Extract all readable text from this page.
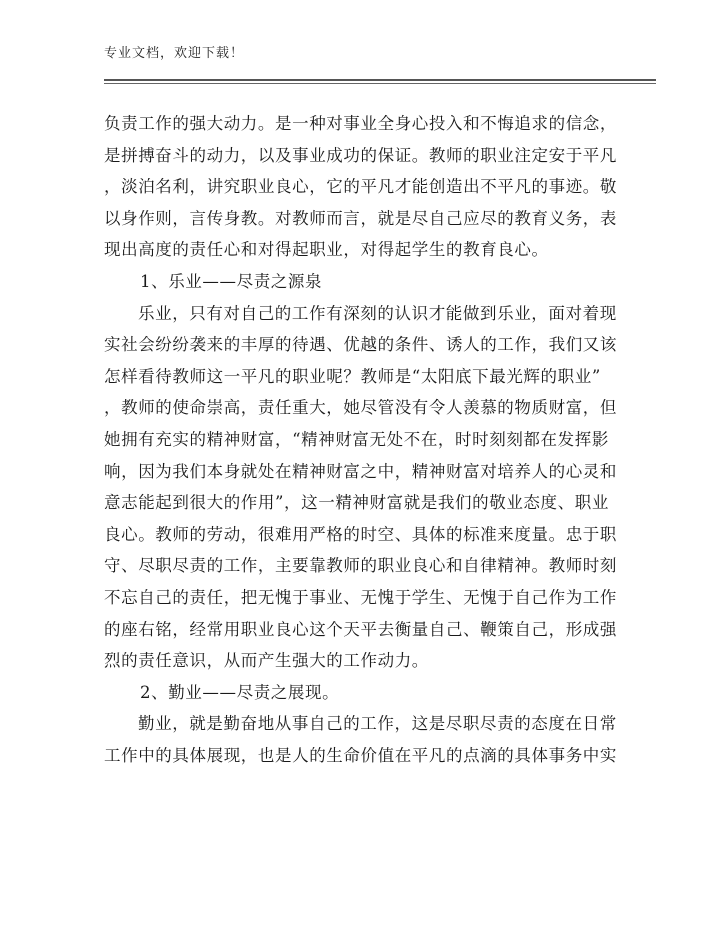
专业文档，欢迎下载！
负责工作的强大动力。是一种对事业全身心投入和不悔追求的信念，
是拼搏奋斗的动力，以及事业成功的保证。教师的职业注定安于平凡
，淡泊名利，讲究职业良心，它的平凡才能创造出不平凡的事迹。敬
以身作则，言传身教。对教师而言，就是尽自己应尽的教育义务，表
现出高度的责任心和对得起职业，对得起学生的教育良心。
1、乐业——尽责之源泉
乐业，只有对自己的工作有深刻的认识才能做到乐业，面对着现
实社会纷纷袭来的丰厚的待遇、优越的条件、诱人的工作，我们又该
怎样看待教师这一平凡的职业呢？教师是“太阳底下最光辉的职业”
，教师的使命崇高，责任重大，她尽管没有令人羡慕的物质财富，但
她拥有充实的精神财富，“精神财富无处不在，时时刻刻都在发挥影
响，因为我们本身就处在精神财富之中，精神财富对培养人的心灵和
意志能起到很大的作用”，这一精神财富就是我们的敬业态度、职业
良心。教师的劳动，很难用严格的时空、具体的标准来度量。忠于职
守、尽职尽责的工作，主要靠教师的职业良心和自律精神。教师时刻
不忘自己的责任，把无愧于事业、无愧于学生、无愧于自己作为工作
的座右铭，经常用职业良心这个天平去衡量自己、鞭策自己，形成强
烈的责任意识，从而产生强大的工作动力。
2、勤业——尽责之展现。
勤业，就是勤奋地从事自己的工作，这是尽职尽责的态度在日常
工作中的具体展现，也是人的生命价值在平凡的点滴的具体事务中实
